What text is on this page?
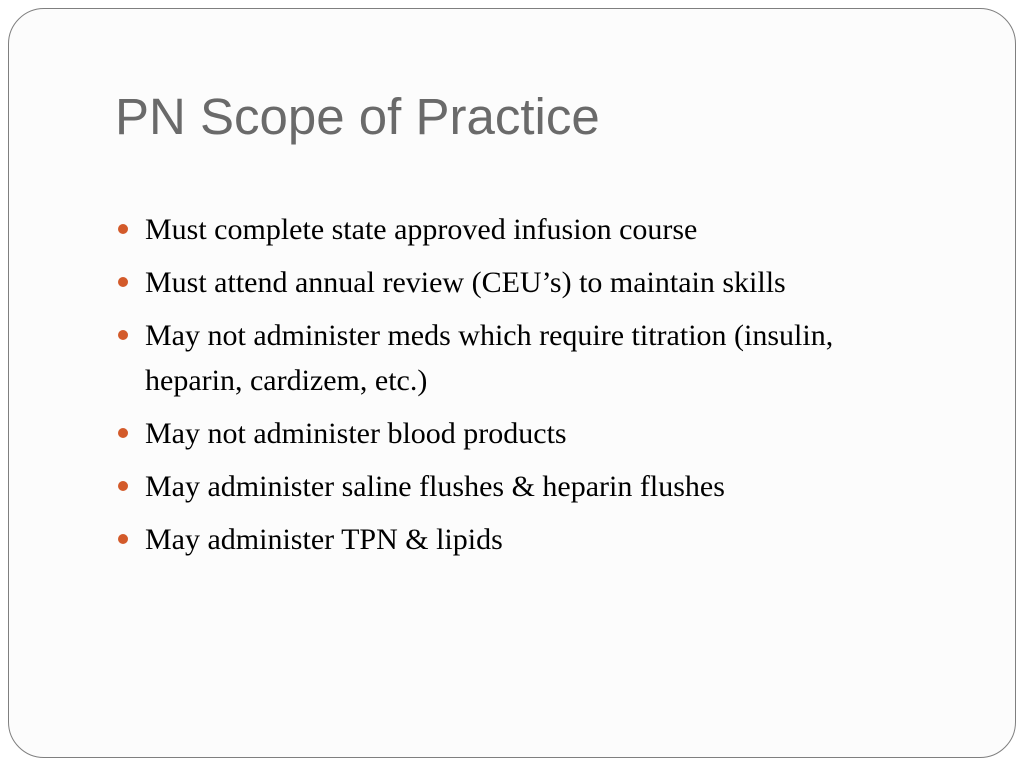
PN Scope of Practice
Must complete state approved infusion course
Must attend annual review (CEU’s) to maintain skills
May not administer meds which require titration (insulin, heparin, cardizem, etc.)
May not administer blood products
May administer saline flushes & heparin flushes
May administer TPN & lipids
